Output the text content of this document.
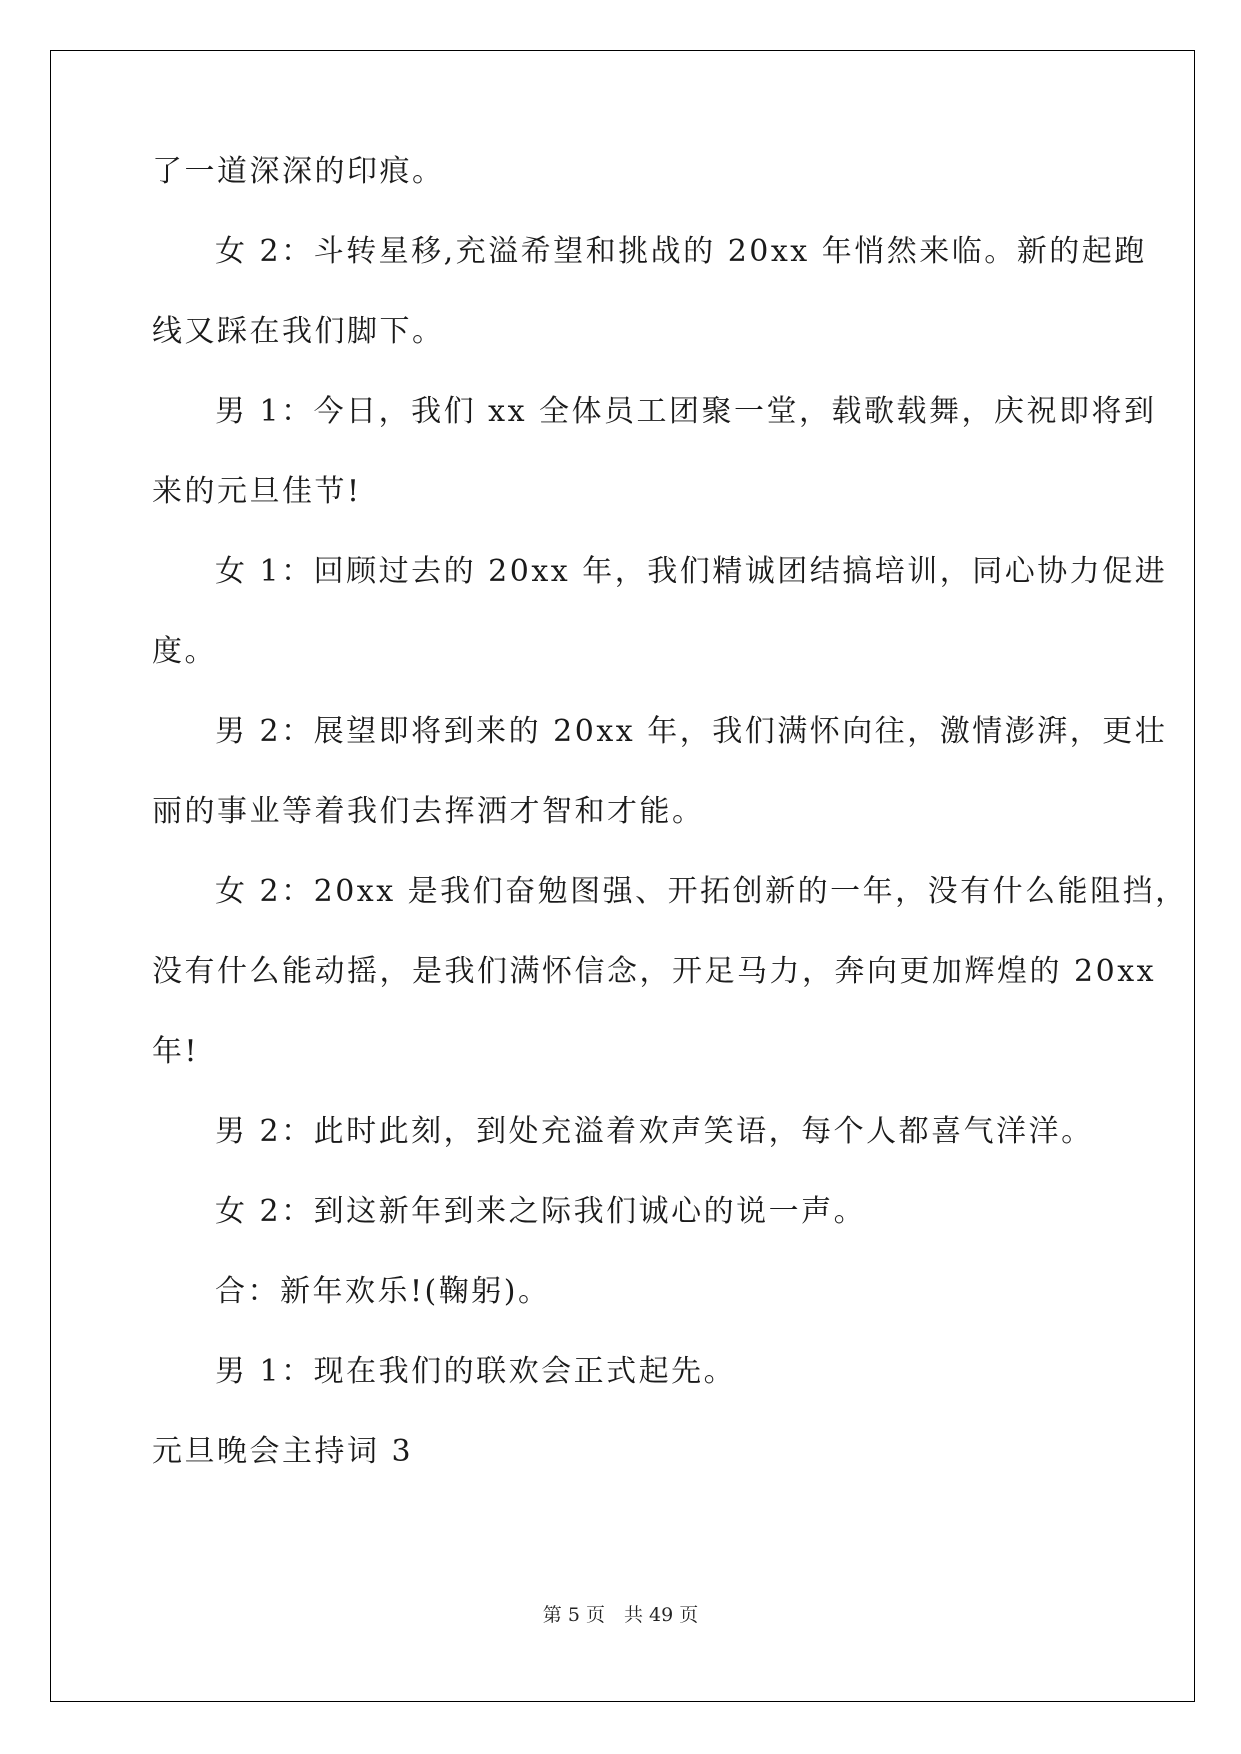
了一道深深的印痕。
女 2：斗转星移,充溢希望和挑战的 20xx 年悄然来临。新的起跑
线又踩在我们脚下。
男 1：今日，我们 xx 全体员工团聚一堂，载歌载舞，庆祝即将到
来的元旦佳节!
女 1：回顾过去的 20xx 年，我们精诚团结搞培训，同心协力促进
度。
男 2：展望即将到来的 20xx 年，我们满怀向往，激情澎湃，更壮
丽的事业等着我们去挥洒才智和才能。
女 2：20xx 是我们奋勉图强、开拓创新的一年，没有什么能阻挡，
没有什么能动摇，是我们满怀信念，开足马力，奔向更加辉煌的 20xx
年!
男 2：此时此刻，到处充溢着欢声笑语，每个人都喜气洋洋。
女 2：到这新年到来之际我们诚心的说一声。
合：新年欢乐!(鞠躬)。
男 1：现在我们的联欢会正式起先。
元旦晚会主持词 3
第 5 页　共 49 页
